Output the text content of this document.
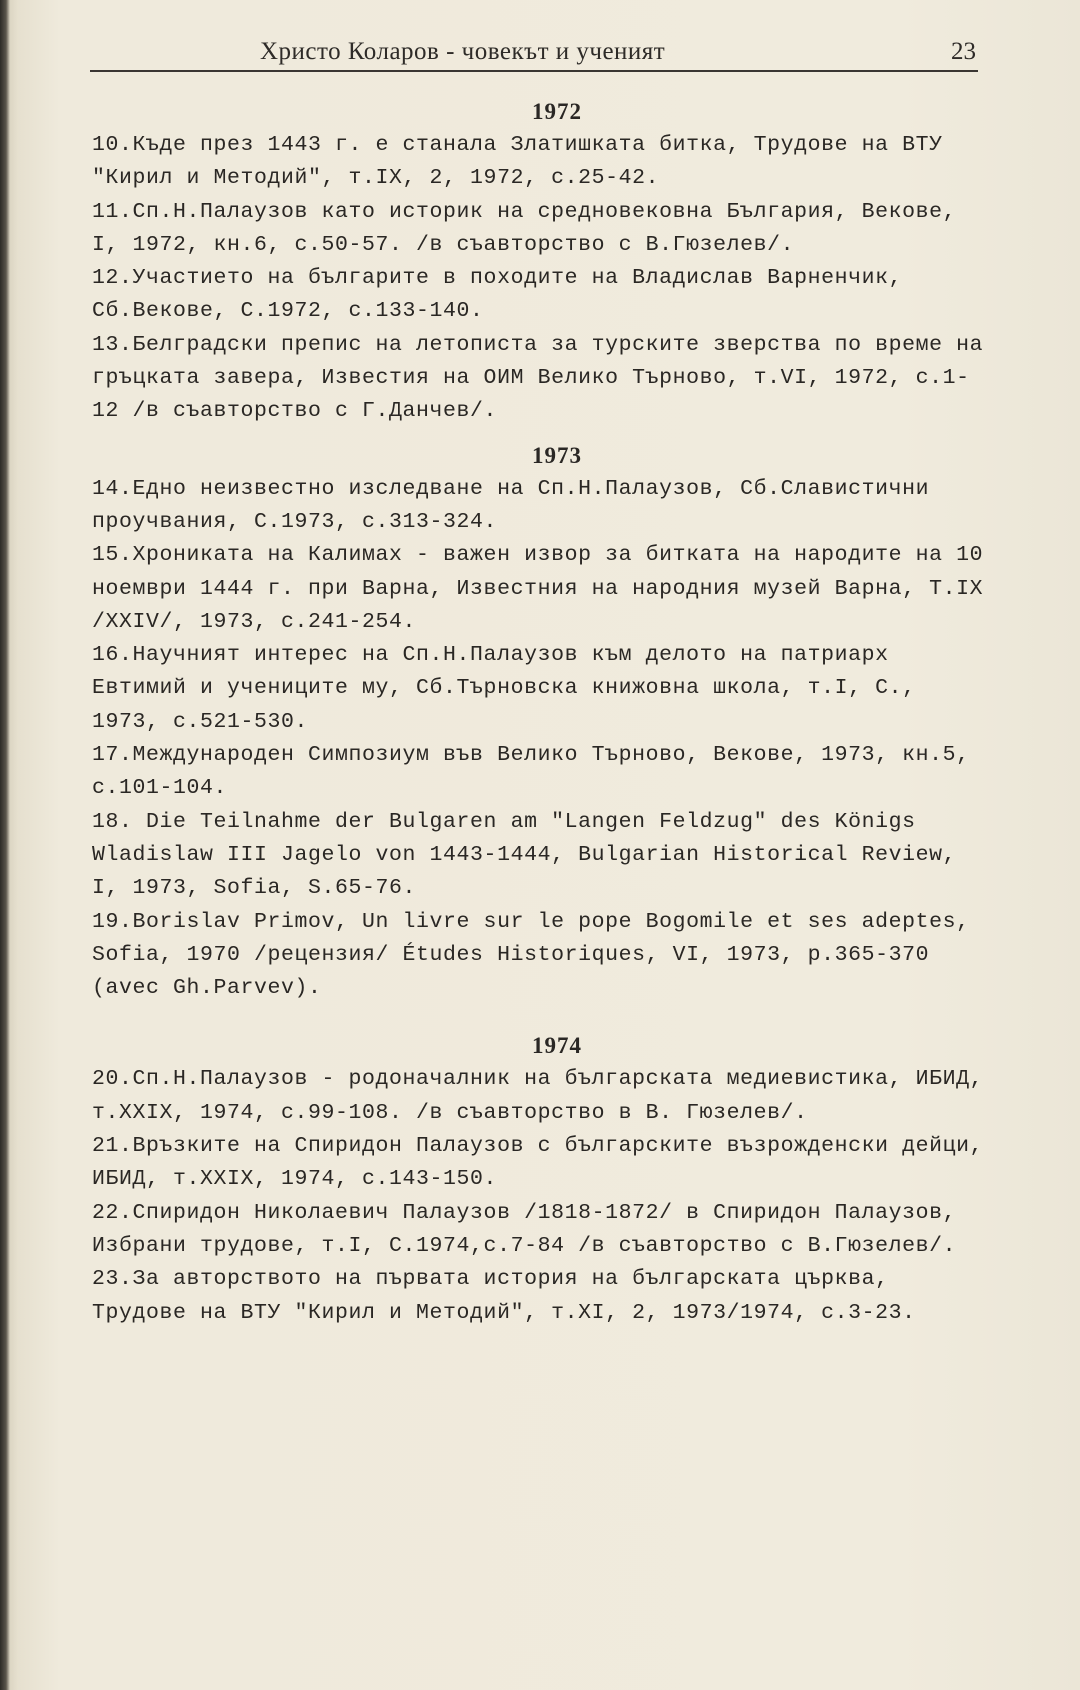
Христо Коларов - човекът и ученият	23
1972
10.Къде през 1443 г. е станала Златишката битка, Трудове на ВТУ "Кирил и Методий", т.IX, 2, 1972, с.25-42.
11.Сп.Н.Палаузов като историк на средновековна България, Векове, I, 1972, кн.6, с.50-57. /в съавторство с В.Гюзелев/.
12.Участието на българите в походите на Владислав Варненчик, Сб.Векове, С.1972, с.133-140.
13.Белградски препис на летописта за турските зверства по време на гръцката завера, Известия на ОИМ Велико Търново, т.VI, 1972, с.1-12 /в съавторство с Г.Данчев/.
1973
14.Едно неизвестно изследване на Сп.Н.Палаузов, Сб.Славистични проучвания, С.1973, с.313-324.
15.Хрониката на Калимах - важен извор за битката на народите на 10 ноември 1444 г. при Варна, Известния на народния музей Варна, Т.IX /XXIV/, 1973, с.241-254.
16.Научният интерес на Сп.Н.Палаузов към делото на патриарх Евтимий и учениците му, Сб.Търновска книжовна школа, т.I, С., 1973, с.521-530.
17.Международен Симпозиум във Велико Търново, Векове, 1973, кн.5, с.101-104.
18. Die Teilnahme der Bulgaren am "Langen Feldzug" des Königs Wladislaw III Jagelo von 1443-1444, Bulgarian Historical Review, I, 1973, Sofia, S.65-76.
19.Borislav Primov, Un livre sur le pope Bogomile et ses adeptes, Sofia, 1970 /рецензия/ Études Historiques, VI, 1973, p.365-370 (avec Gh.Parvev).
1974
20.Сп.Н.Палаузов - родоначалник на българската медиевистика, ИБИД, т.XXIX, 1974, с.99-108. /в съавторство в В. Гюзелев/.
21.Връзките на Спиридон Палаузов с българските възрожденски дейци, ИБИД, т.XXIX, 1974, с.143-150.
22.Спиридон Николаевич Палаузов /1818-1872/ в Спиридон Палаузов, Избрани трудове, т.I, С.1974,с.7-84 /в съавторство с В.Гюзелев/.
23.За авторството на първата история на българската църква, Трудове на ВТУ "Кирил и Методий", т.XI, 2, 1973/1974, с.3-23.
